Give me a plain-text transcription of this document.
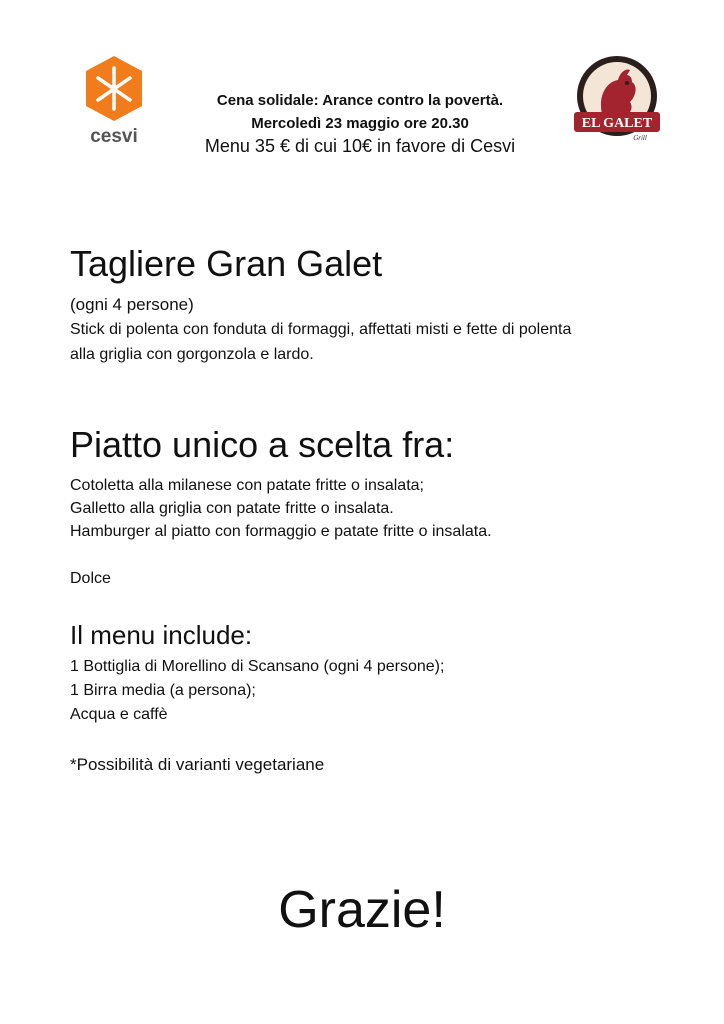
cesvi
EL GALET
Grill
Cena solidale: Arance contro la povertà.
Mercoledì 23 maggio ore 20.30
Menu 35 € di cui 10€ in favore di Cesvi
Tagliere Gran Galet
(ogni 4 persone)
Stick di polenta con fonduta di formaggi, affettati misti e fette di polenta
alla griglia con gorgonzola e lardo.
Piatto unico a scelta fra:
Cotoletta alla milanese con patate fritte o insalata;
Galletto alla griglia con patate fritte o insalata.
Hamburger al piatto con formaggio e patate fritte o insalata.
Dolce
Il menu include:
1 Bottiglia di Morellino di Scansano (ogni 4 persone);
1 Birra media (a persona);
Acqua e caffè
*Possibilità di varianti vegetariane
Grazie!
